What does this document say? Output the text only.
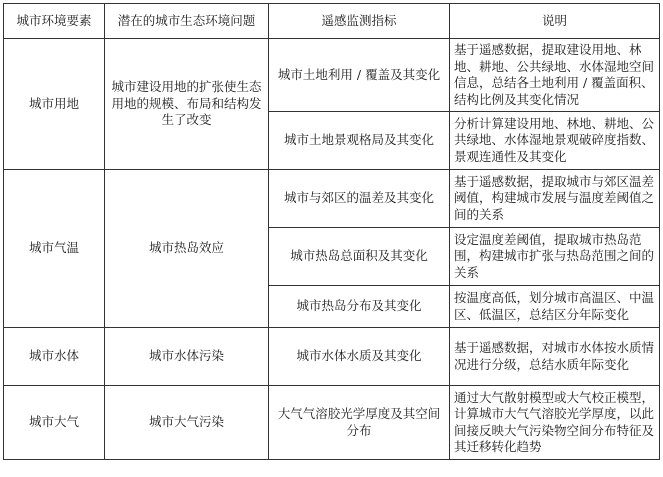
城市环境要素	潜在的城市生态环境问题	遥感监测指标	说明
城市用地	城市建设用地的扩张使生态用地的规模、布局和结构发生了改变	城市土地利用 / 覆盖及其变化	基于遥感数据，提取建设用地、林地、耕地、公共绿地、水体湿地空间信息，总结各土地利用 / 覆盖面积、结构比例及其变化情况
		城市土地景观格局及其变化	分析计算建设用地、林地、耕地、公共绿地、水体湿地景观破碎度指数、景观连通性及其变化
城市气温	城市热岛效应	城市与郊区的温差及其变化	基于遥感数据，提取城市与郊区温差阈值，构建城市发展与温度差阈值之间的关系
		城市热岛总面积及其变化	设定温度差阈值，提取城市热岛范围，构建城市扩张与热岛范围之间的关系
		城市热岛分布及其变化	按温度高低，划分城市高温区、中温区、低温区，总结区分年际变化
城市水体	城市水体污染	城市水体水质及其变化	基于遥感数据，对城市水体按水质情况进行分级，总结水质年际变化
城市大气	城市大气污染	大气气溶胶光学厚度及其空间分布	通过大气散射模型或大气校正模型，计算城市大气气溶胶光学厚度，以此间接反映大气污染物空间分布特征及其迁移转化趋势
